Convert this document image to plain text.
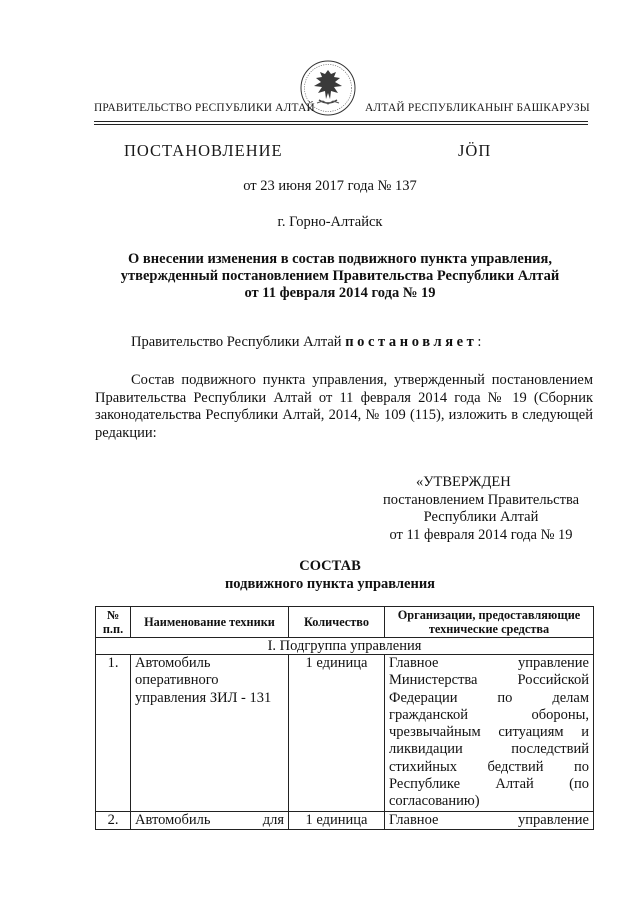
ПРАВИТЕЛЬСТВО РЕСПУБЛИКИ АЛТАЙ	АЛТАЙ РЕСПУБЛИКАНЫҤ БАШКАРУЗЫ
ПОСТАНОВЛЕНИЕ	ЈӦП
от 23 июня 2017 года № 137
г. Горно-Алтайск
О внесении изменения в состав подвижного пункта управления,
утвержденный постановлением Правительства Республики Алтай
от 11 февраля 2014 года № 19
Правительство Республики Алтай постановляет:

Состав подвижного пункта управления, утвержденный постановлением Правительства Республики Алтай от 11 февраля 2014 года № 19 (Сборник законодательства Республики Алтай, 2014, № 109 (115), изложить в следующей редакции:

«УТВЕРЖДЕН
постановлением Правительства
Республики Алтай
от 11 февраля 2014 года № 19
СОСТАВ
подвижного пункта управления
№ п.п.	Наименование техники	Количество	Организации, предоставляющие технические средства
I. Подгруппа управления			
1.	Автомобиль оперативного управления ЗИЛ - 131	1 единица	Главное управление Министерства Российской Федерации по делам гражданской обороны, чрезвычайным ситуациям и ликвидации последствий стихийных бедствий по Республике Алтай (по согласованию)
2.	Автомобиль для	1 единица	Главное управление
